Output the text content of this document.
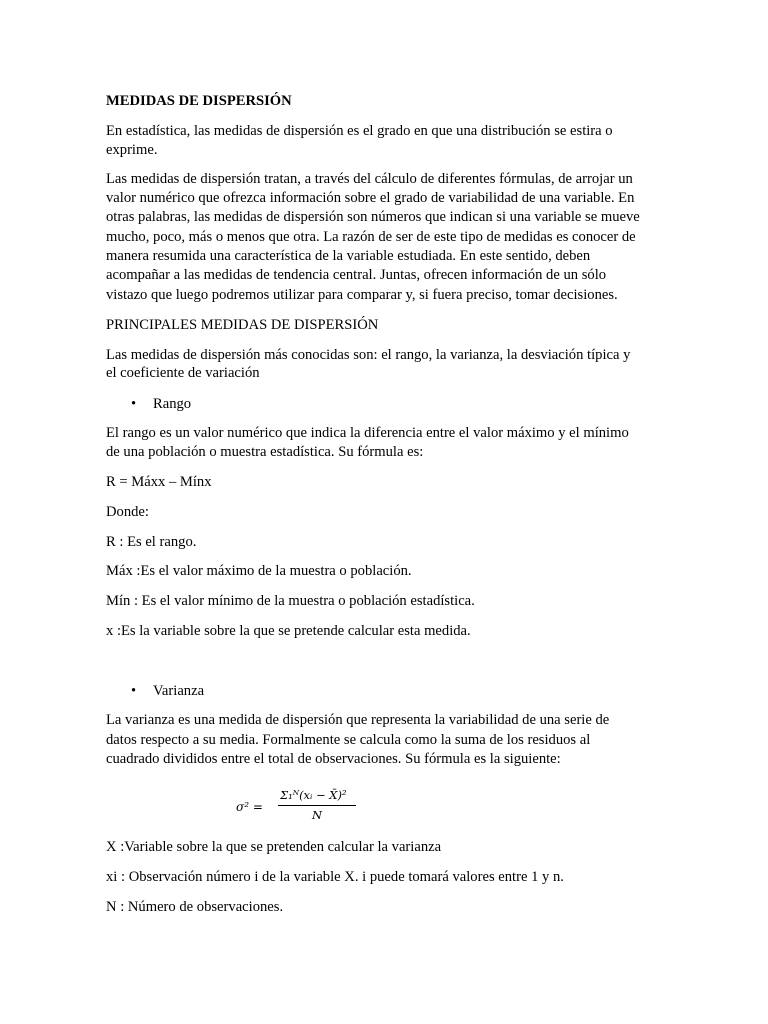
MEDIDAS DE DISPERSIÓN
En estadística, las medidas de dispersión es el grado en que una distribución se estira o
exprime.
Las medidas de dispersión tratan, a través del cálculo de diferentes fórmulas, de arrojar un
valor numérico que ofrezca información sobre el grado de variabilidad de una variable. En
otras palabras, las medidas de dispersión son números que indican si una variable se mueve
mucho, poco, más o menos que otra. La razón de ser de este tipo de medidas es conocer de
manera resumida una característica de la variable estudiada. En este sentido, deben
acompañar a las medidas de tendencia central. Juntas, ofrecen información de un sólo
vistazo que luego podremos utilizar para comparar y, si fuera preciso, tomar decisiones.
PRINCIPALES MEDIDAS DE DISPERSIÓN
Las medidas de dispersión más conocidas son: el rango, la varianza, la desviación típica y
el coeficiente de variación
• Rango
El rango es un valor numérico que indica la diferencia entre el valor máximo y el mínimo
de una población o muestra estadística. Su fórmula es:
R = Máxx – Mínx
Donde:
R : Es el rango.
Máx :Es el valor máximo de la muestra o población.
Mín : Es el valor mínimo de la muestra o población estadística.
x :Es la variable sobre la que se pretende calcular esta medida.
• Varianza
La varianza es una medida de dispersión que representa la variabilidad de una serie de
datos respecto a su media. Formalmente se calcula como la suma de los residuos al
cuadrado divididos entre el total de observaciones. Su fórmula es la siguiente:
σ² =
Σ₁ᴺ(xᵢ − X̄)²
N
X :Variable sobre la que se pretenden calcular la varianza
xi : Observación número i de la variable X. i puede tomará valores entre 1 y n.
N : Número de observaciones.
